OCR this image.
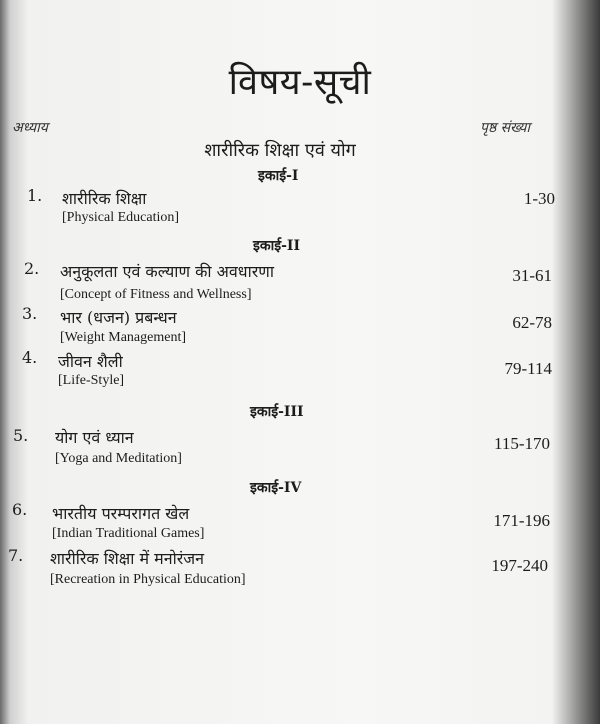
विषय-सूची
अध्याय	पृष्ठ संख्या
शारीरिक शिक्षा एवं योग
इकाई-I
1. शारीरिक शिक्षा
[Physical Education]
1-30
इकाई-II
2. अनुकूलता एवं कल्याण की अवधारणा
[Concept of Fitness and Wellness]
31-61
3. भार (धजन) प्रबन्धन
[Weight Management]
62-78
4. जीवन शैली
[Life-Style]
79-114
इकाई-III
5. योग एवं ध्यान
[Yoga and Meditation]
115-170
इकाई-IV
6. भारतीय परम्परागत खेल
[Indian Traditional Games]
171-196
7. शारीरिक शिक्षा में मनोरंजन
[Recreation in Physical Education]
197-240
